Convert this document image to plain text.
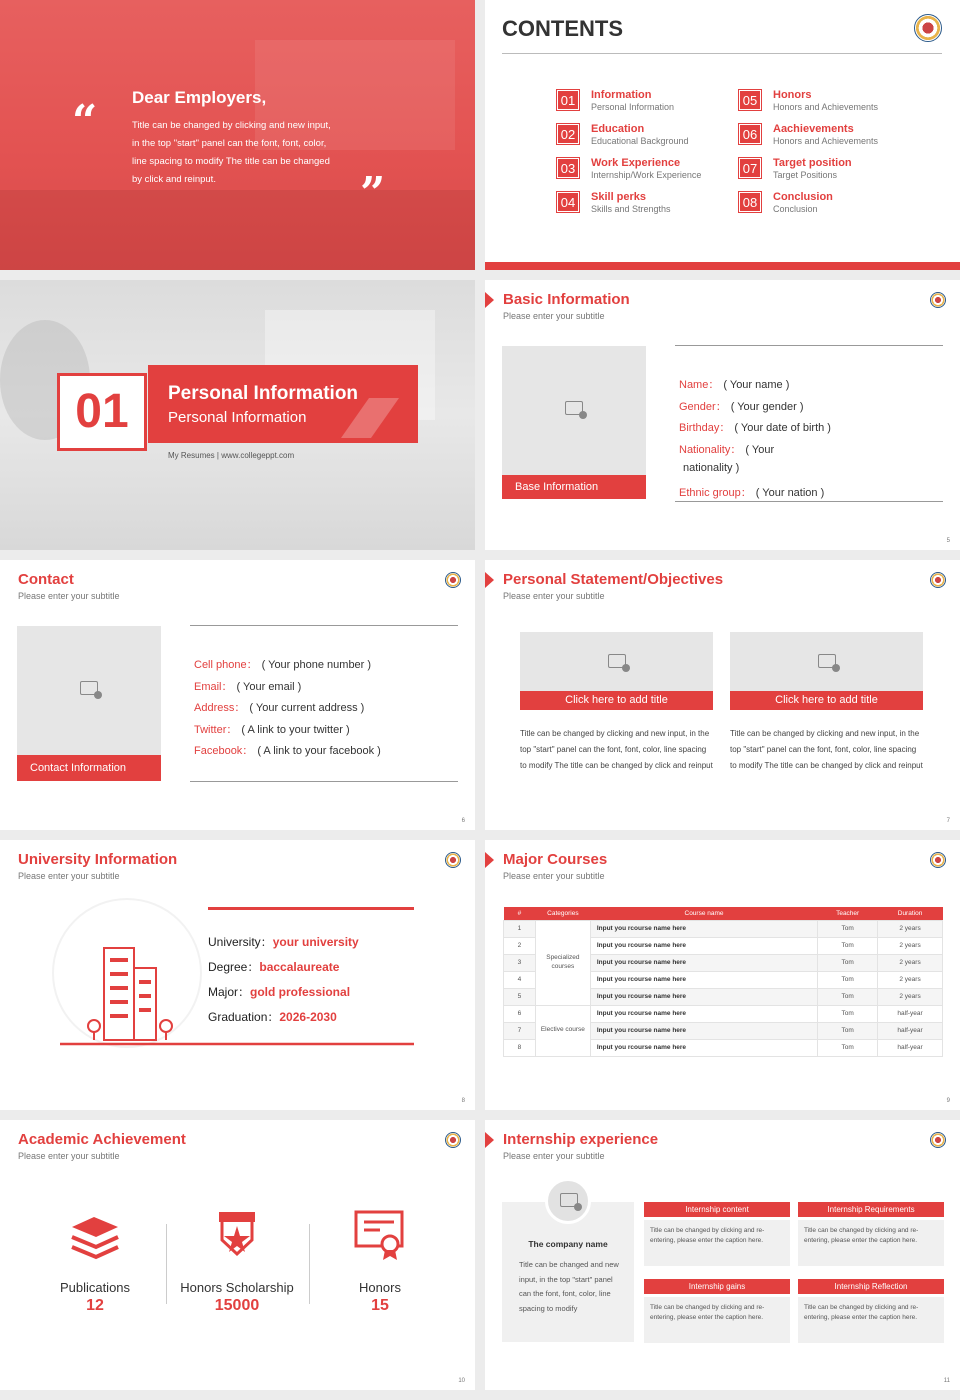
“ Dear Employers,
Title can be changed by clicking and new input, in the top "start" panel can the font, font, color, line spacing to modify The title can be changed by click and reinput.	”
CONTENTS
01	Information
Personal Information
02	Education
Educational Background
03	Work Experience
Internship/Work Experience
04	Skill perks
Skills and Strengths
05	Honors
Honors and Achievements
06	Aachievements
Honors and Achievements
07	Target position
Target Positions
08	Conclusion
Conclusion
01	Personal Information
Personal Information
My Resumes | www.collegeppt.com
Basic Information
Please enter your subtitle
Base Information
Name： ( Your name )
Gender： ( Your gender )
Birthday： ( Your date of birth )
Nationality： ( Your
nationality )
Ethnic group： ( Your nation )
5
Contact
Please enter your subtitle
Contact Information
Cell phone： ( Your phone number )
Email： ( Your email )
Address： ( Your current address )
Twitter： ( A link to your twitter )
Facebook： ( A link to your facebook )
6
Personal Statement/Objectives
Please enter your subtitle
Click here to add title
Title can be changed by clicking and new input, in the top "start" panel can the font, font, color, line spacing to modify The title can be changed by click and reinput
Click here to add title
Title can be changed by clicking and new input, in the top "start" panel can the font, font, color, line spacing to modify The title can be changed by click and reinput
7
University Information
Please enter your subtitle
University：your university
Degree：baccalaureate
Major：gold professional
Graduation：2026-2030
8
Major Courses
Please enter your subtitle
#	Categories	Course name	Teacher	Duration
1	Specialized courses	Input you rcourse name here	Tom	2 years
2		Input you rcourse name here	Tom	2 years
3		Input you rcourse name here	Tom	2 years
4		Input you rcourse name here	Tom	2 years
5		Input you rcourse name here	Tom	2 years
6	Elective course	Input you rcourse name here	Tom	half-year
7		Input you rcourse name here	Tom	half-year
8		Input you rcourse name here	Tom	half-year
9
Academic Achievement
Please enter your subtitle
Publications
12
Honors Scholarship
15000
Honors
15
10
Internship experience
Please enter your subtitle
The company name
Title can be changed and new input, in the top "start" panel can the font, font, color, line spacing to modify
Internship content
Title can be changed by clicking and re-entering, please enter the caption here.
Internship Requirements
Title can be changed by clicking and re-entering, please enter the caption here.
Internship gains
Title can be changed by clicking and re-entering, please enter the caption here.
Internship Reflection
Title can be changed by clicking and re-entering, please enter the caption here.
11
